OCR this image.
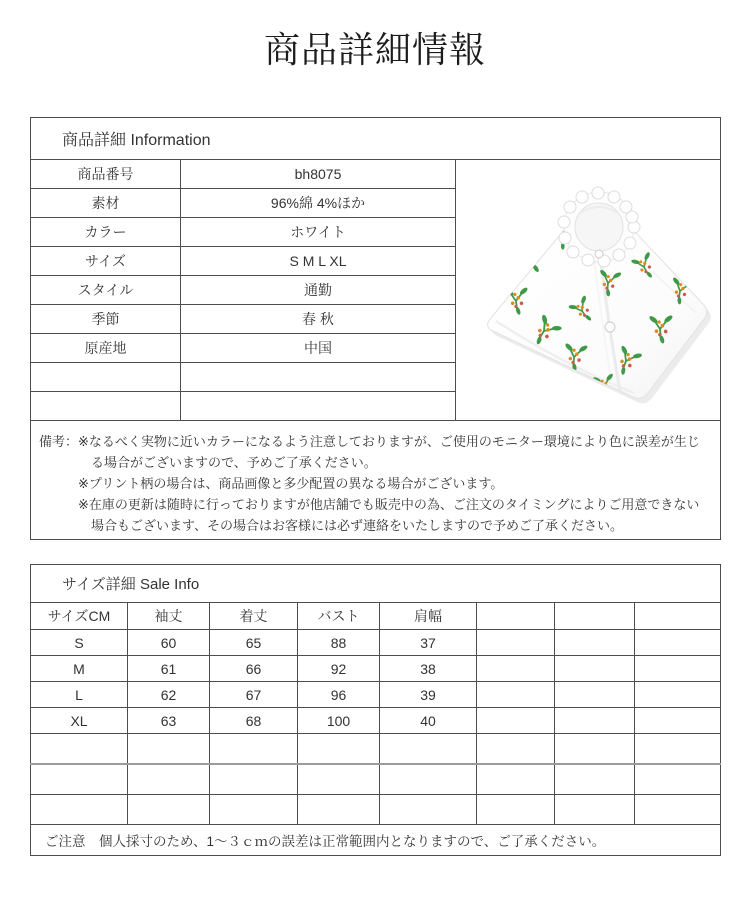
商品詳細情報
商品詳細 Information		
商品番号	bh8075	

素材	96%綿 4%ほか	
カラー	ホワイト	
サイズ	S M L XL	
スタイル	通勤	
季節	春 秋	
原産地	中国	

備考： ※なるべく実物に近いカラーになるよう注意しておりますが、ご使用のモニター環境により色に誤差が生じる場合がございますので、予めご了承ください。
※プリント柄の場合は、商品画像と多少配置の異なる場合がございます。
※在庫の更新は随時に行っておりますが他店舗でも販売中の為、ご注文のタイミングによりご用意できない場合もございます、その場合はお客様には必ず連絡をいたしますので予めご了承ください。		
サイズ詳細 Sale Info							
サイズCM	袖丈	着丈	バスト	肩幅			
S	60	65	88	37			
M	61	66	92	38			
L	62	67	96	39			
XL	63	68	100	40			

ご注意　個人採寸のため、1～３ｃｍの誤差は正常範囲内となりますので、ご了承ください。							
